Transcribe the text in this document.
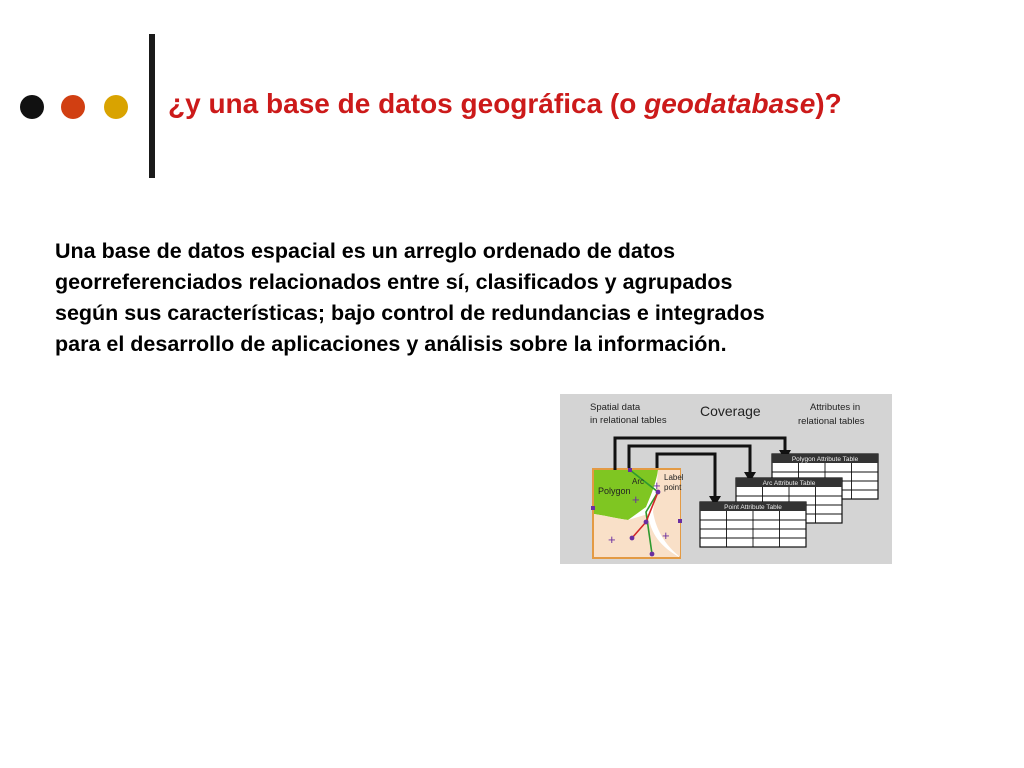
¿y una base de datos geográfica (o geodatabase)?

Una base de datos espacial es un arreglo ordenado de datos
georreferenciados relacionados entre sí, clasificados y agrupados
según sus características; bajo control de redundancias e integrados
para el desarrollo de aplicaciones y análisis sobre la información.

Spatial data
in relational tables
Coverage	Attributes in
relational tables
+
+
+	+
Arc	Label
point
Polygon
Polygon Attribute Table
Arc Attribute Table
Point Attribute Table
